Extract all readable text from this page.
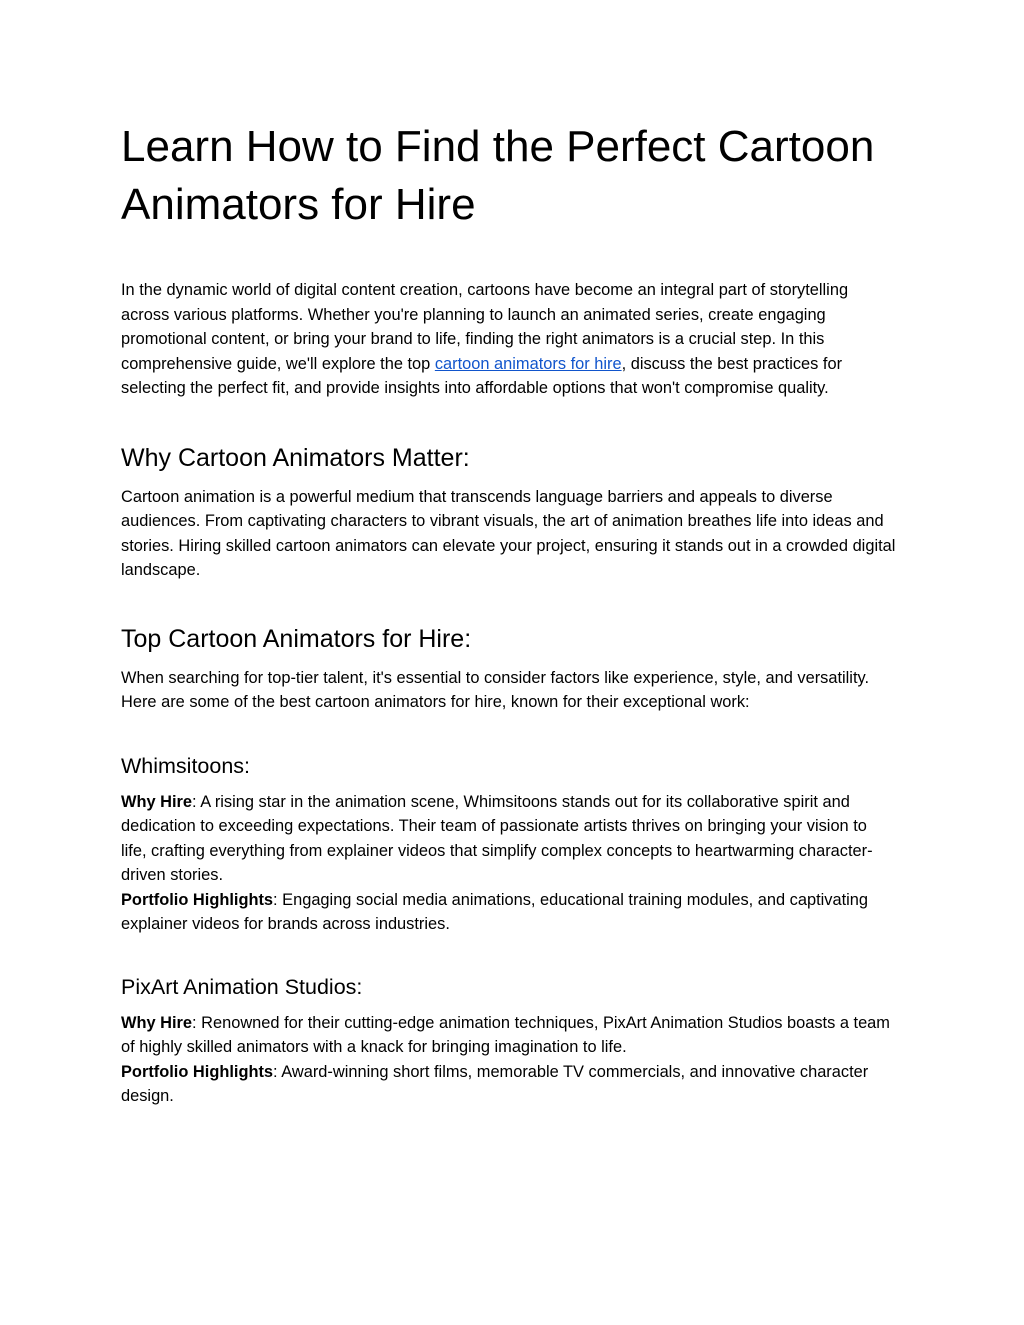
Learn How to Find the Perfect Cartoon Animators for Hire

In the dynamic world of digital content creation, cartoons have become an integral part of storytelling across various platforms. Whether you're planning to launch an animated series, create engaging promotional content, or bring your brand to life, finding the right animators is a crucial step. In this comprehensive guide, we'll explore the top cartoon animators for hire, discuss the best practices for selecting the perfect fit, and provide insights into affordable options that won't compromise quality.

Why Cartoon Animators Matter:

Cartoon animation is a powerful medium that transcends language barriers and appeals to diverse audiences. From captivating characters to vibrant visuals, the art of animation breathes life into ideas and stories. Hiring skilled cartoon animators can elevate your project, ensuring it stands out in a crowded digital landscape.

Top Cartoon Animators for Hire:

When searching for top-tier talent, it's essential to consider factors like experience, style, and versatility. Here are some of the best cartoon animators for hire, known for their exceptional work:

Whimsitoons:

Why Hire: A rising star in the animation scene, Whimsitoons stands out for its collaborative spirit and dedication to exceeding expectations. Their team of passionate artists thrives on bringing your vision to life, crafting everything from explainer videos that simplify complex concepts to heartwarming character-driven stories.
Portfolio Highlights: Engaging social media animations, educational training modules, and captivating explainer videos for brands across industries.

PixArt Animation Studios:

Why Hire: Renowned for their cutting-edge animation techniques, PixArt Animation Studios boasts a team of highly skilled animators with a knack for bringing imagination to life.
Portfolio Highlights: Award-winning short films, memorable TV commercials, and innovative character design.
